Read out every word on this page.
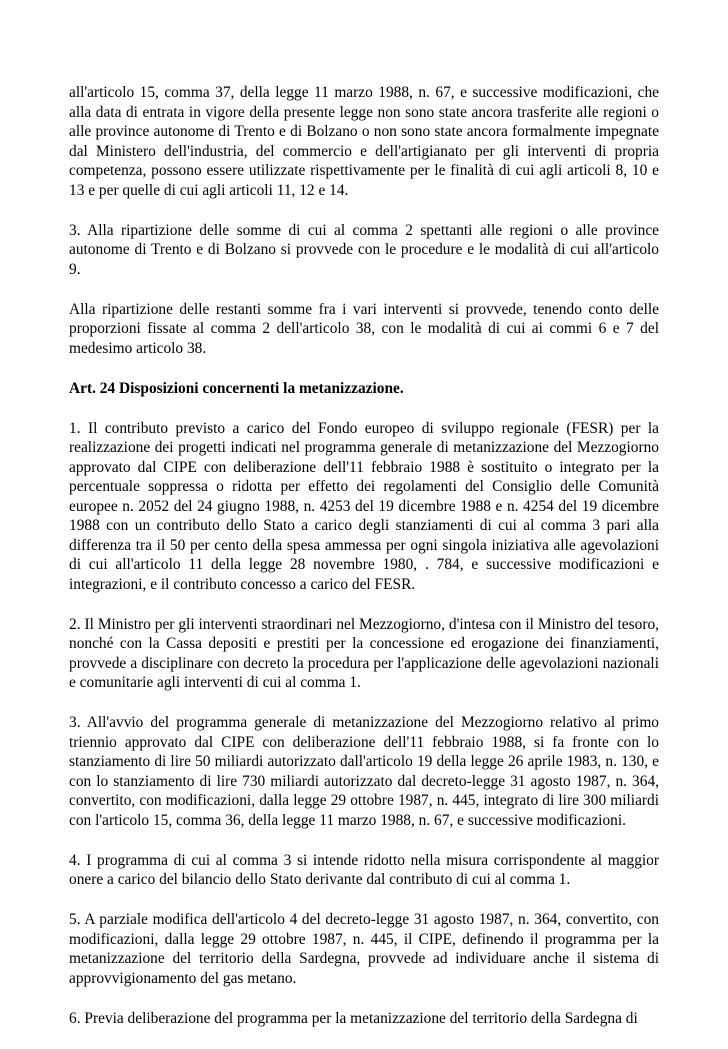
all'articolo 15, comma 37, della legge 11 marzo 1988, n. 67, e successive modificazioni, che alla data di entrata in vigore della presente legge non sono state ancora trasferite alle regioni o alle province autonome di Trento e di Bolzano o non sono state ancora formalmente impegnate dal Ministero dell'industria, del commercio e dell'artigianato per gli interventi di propria competenza, possono essere utilizzate rispettivamente per le finalità di cui agli articoli 8, 10 e 13 e per quelle di cui agli articoli 11, 12 e 14.

3. Alla ripartizione delle somme di cui al comma 2 spettanti alle regioni o alle province autonome di Trento e di Bolzano si provvede con le procedure e le modalità di cui all'articolo 9.

Alla ripartizione delle restanti somme fra i vari interventi si provvede, tenendo conto delle proporzioni fissate al comma 2 dell'articolo 38, con le modalità di cui ai commi 6 e 7 del medesimo articolo 38.

Art. 24 Disposizioni concernenti la metanizzazione.

1. Il contributo previsto a carico del Fondo europeo di sviluppo regionale (FESR) per la realizzazione dei progetti indicati nel programma generale di metanizzazione del Mezzogiorno approvato dal CIPE con deliberazione dell'11 febbraio 1988 è sostituito o integrato per la percentuale soppressa o ridotta per effetto dei regolamenti del Consiglio delle Comunità europee n. 2052 del 24 giugno 1988, n. 4253 del 19 dicembre 1988 e n. 4254 del 19 dicembre 1988 con un contributo dello Stato a carico degli stanziamenti di cui al comma 3 pari alla differenza tra il 50 per cento della spesa ammessa per ogni singola iniziativa alle agevolazioni di cui all'articolo 11 della legge 28 novembre 1980, . 784, e successive modificazioni e integrazioni, e il contributo concesso a carico del FESR.

2. Il Ministro per gli interventi straordinari nel Mezzogiorno, d'intesa con il Ministro del tesoro, nonché con la Cassa depositi e prestiti per la concessione ed erogazione dei finanziamenti, provvede a disciplinare con decreto la procedura per l'applicazione delle agevolazioni nazionali e comunitarie agli interventi di cui al comma 1.

3. All'avvio del programma generale di metanizzazione del Mezzogiorno relativo al primo triennio approvato dal CIPE con deliberazione dell'11 febbraio 1988, si fa fronte con lo stanziamento di lire 50 miliardi autorizzato dall'articolo 19 della legge 26 aprile 1983, n. 130, e con lo stanziamento di lire 730 miliardi autorizzato dal decreto-legge 31 agosto 1987, n. 364, convertito, con modificazioni, dalla legge 29 ottobre 1987, n. 445, integrato di lire 300 miliardi con l'articolo 15, comma 36, della legge 11 marzo 1988, n. 67, e successive modificazioni.

4. I programma di cui al comma 3 si intende ridotto nella misura corrispondente al maggior onere a carico del bilancio dello Stato derivante dal contributo di cui al comma 1.

5. A parziale modifica dell'articolo 4 del decreto-legge 31 agosto 1987, n. 364, convertito, con modificazioni, dalla legge 29 ottobre 1987, n. 445, il CIPE, definendo il programma per la metanizzazione del territorio della Sardegna, provvede ad individuare anche il sistema di approvvigionamento del gas metano.

6. Previa deliberazione del programma per la metanizzazione del territorio della Sardegna di
